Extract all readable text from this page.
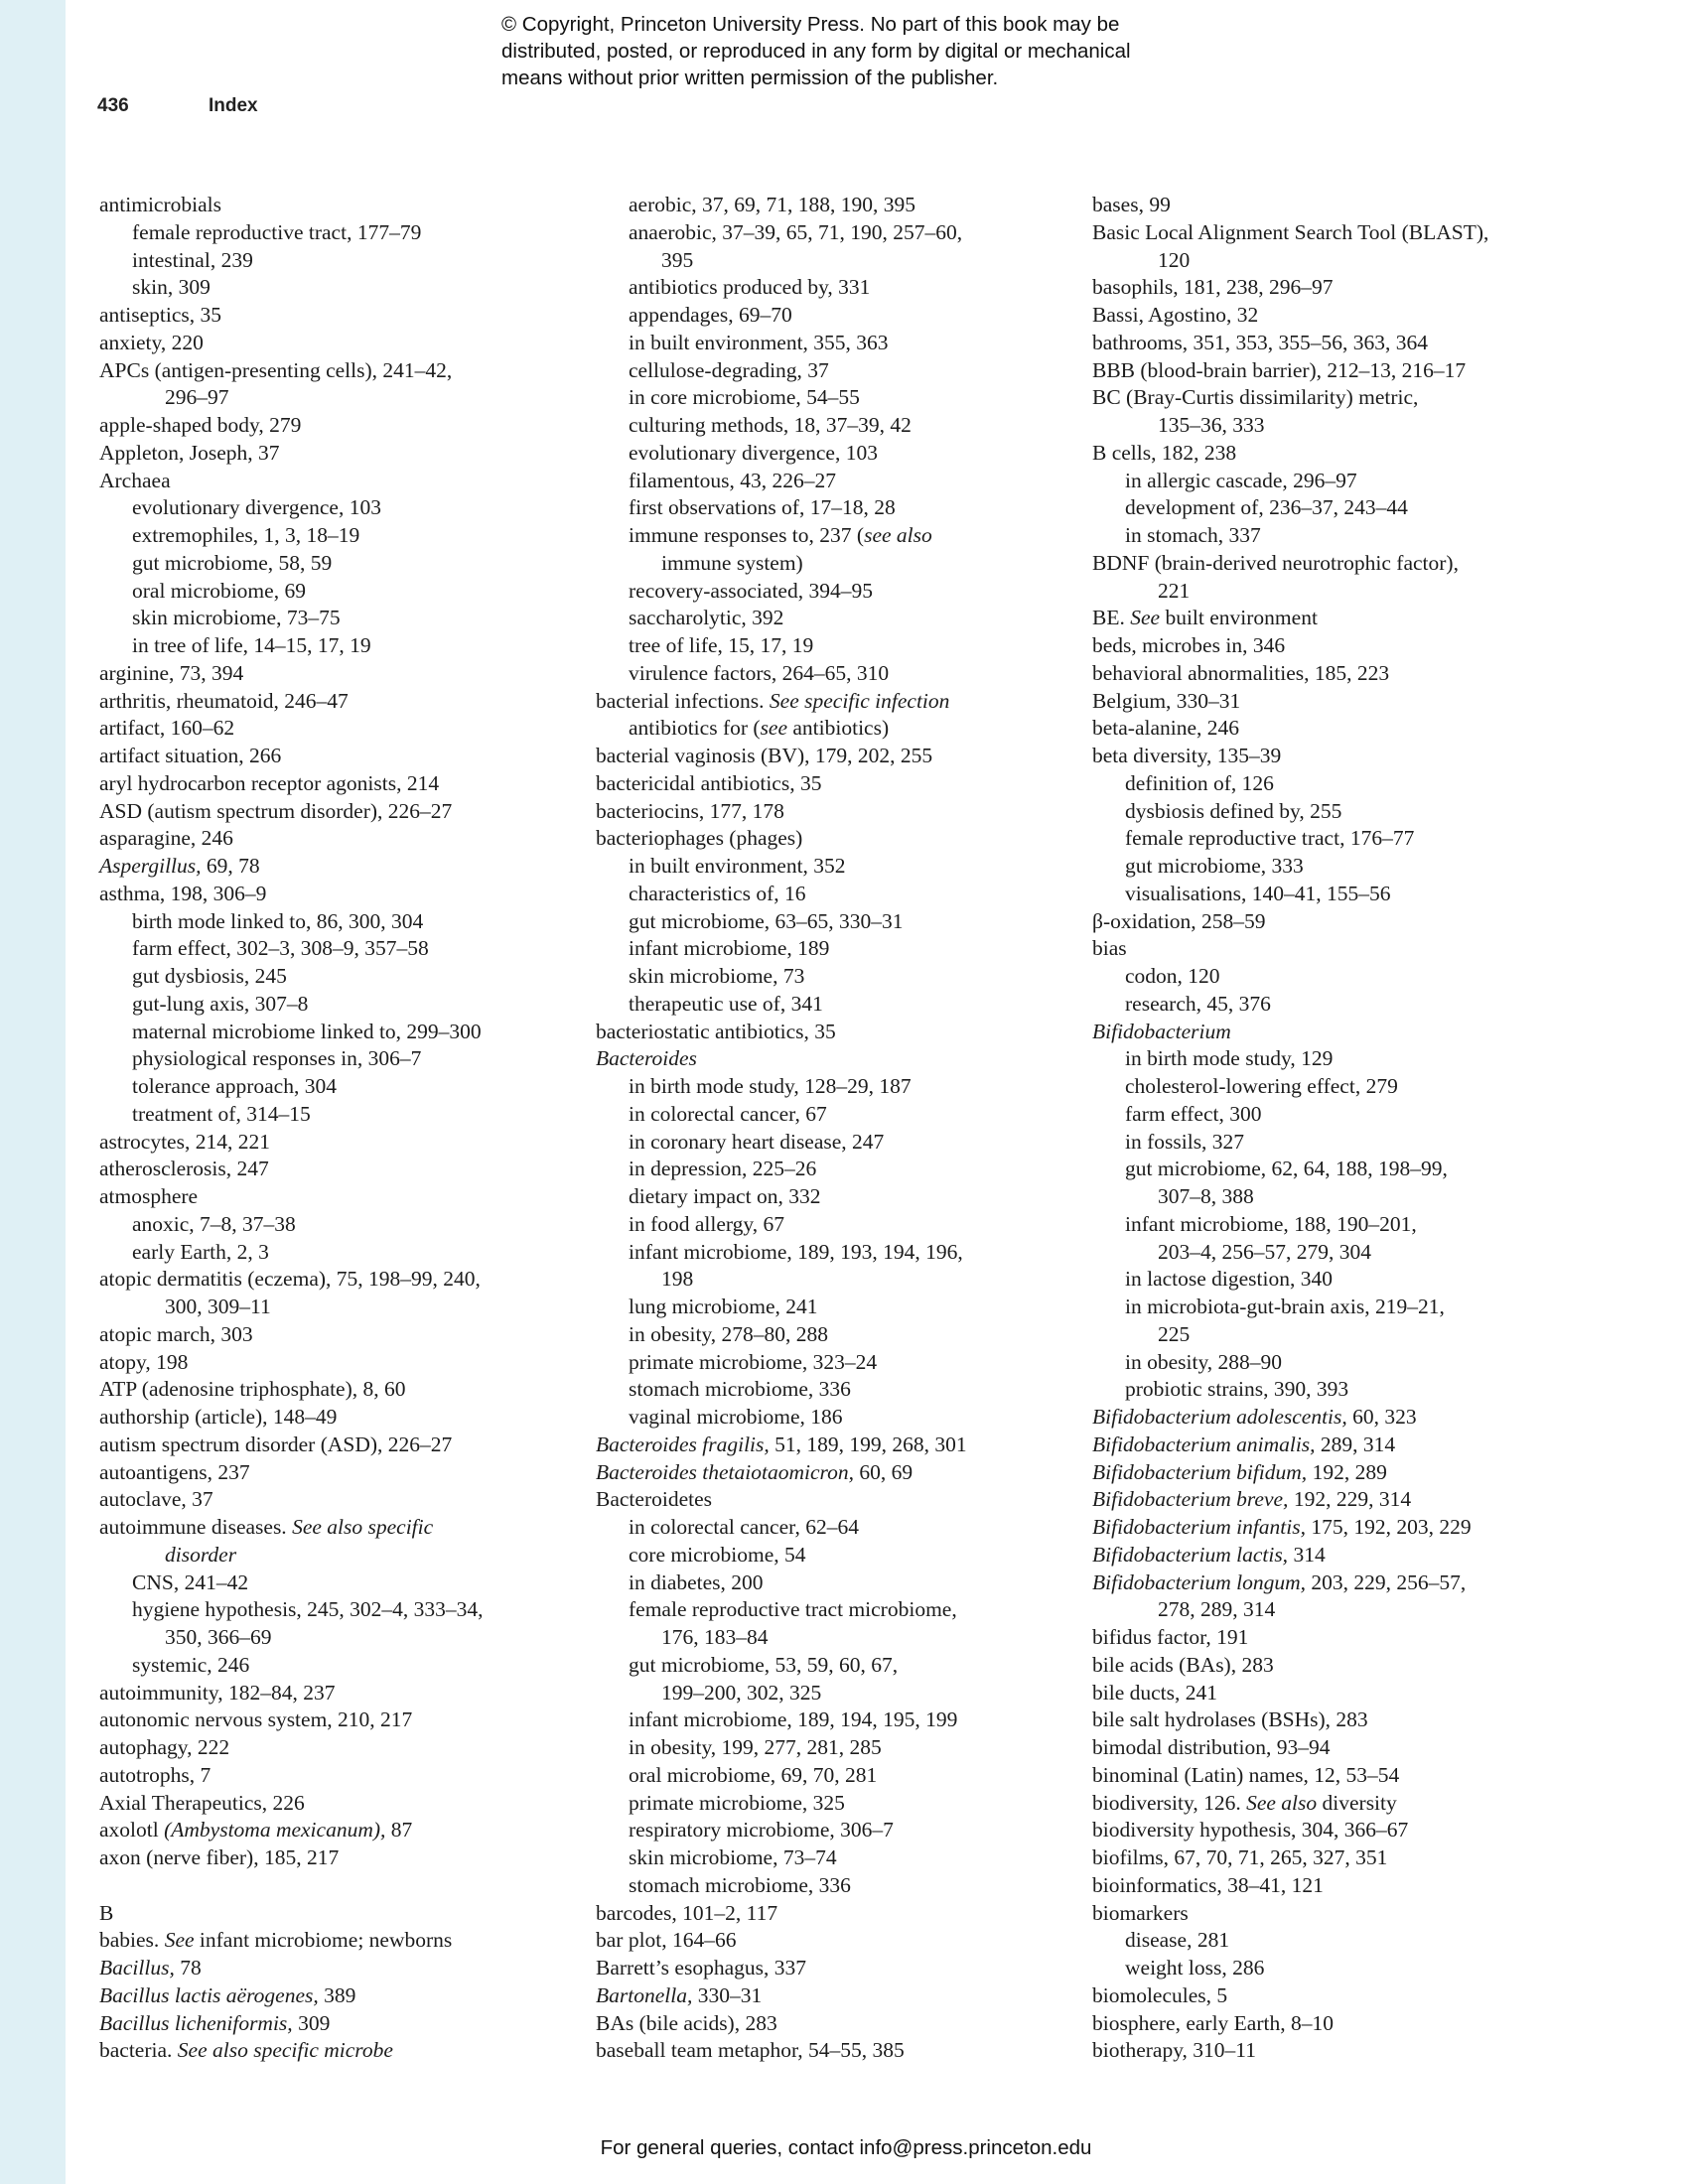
© Copyright, Princeton University Press. No part of this book may be
distributed, posted, or reproduced in any form by digital or mechanical
means without prior written permission of the publisher.
436	Index
antimicrobials
female reproductive tract, 177–79
intestinal, 239
skin, 309
antiseptics, 35
anxiety, 220
APCs (antigen-presenting cells), 241–42,
296–97
apple-shaped body, 279
Appleton, Joseph, 37
Archaea
evolutionary divergence, 103
extremophiles, 1, 3, 18–19
gut microbiome, 58, 59
oral microbiome, 69
skin microbiome, 73–75
in tree of life, 14–15, 17, 19
arginine, 73, 394
arthritis, rheumatoid, 246–47
artifact, 160–62
artifact situation, 266
aryl hydrocarbon receptor agonists, 214
ASD (autism spectrum disorder), 226–27
asparagine, 246
Aspergillus, 69, 78
asthma, 198, 306–9
birth mode linked to, 86, 300, 304
farm effect, 302–3, 308–9, 357–58
gut dysbiosis, 245
gut-lung axis, 307–8
maternal microbiome linked to, 299–300
physiological responses in, 306–7
tolerance approach, 304
treatment of, 314–15
astrocytes, 214, 221
atherosclerosis, 247
atmosphere
anoxic, 7–8, 37–38
early Earth, 2, 3
atopic dermatitis (eczema), 75, 198–99, 240,
300, 309–11
atopic march, 303
atopy, 198
ATP (adenosine triphosphate), 8, 60
authorship (article), 148–49
autism spectrum disorder (ASD), 226–27
autoantigens, 237
autoclave, 37
autoimmune diseases. See also specific
disorder
CNS, 241–42
hygiene hypothesis, 245, 302–4, 333–34,
350, 366–69
systemic, 246
autoimmunity, 182–84, 237
autonomic nervous system, 210, 217
autophagy, 222
autotrophs, 7
Axial Therapeutics, 226
axolotl (Ambystoma mexicanum), 87
axon (nerve fiber), 185, 217
B
babies. See infant microbiome; newborns
Bacillus, 78
Bacillus lactis aërogenes, 389
Bacillus licheniformis, 309
bacteria. See also specific microbe
aerobic, 37, 69, 71, 188, 190, 395
anaerobic, 37–39, 65, 71, 190, 257–60,
395
antibiotics produced by, 331
appendages, 69–70
in built environment, 355, 363
cellulose-degrading, 37
in core microbiome, 54–55
culturing methods, 18, 37–39, 42
evolutionary divergence, 103
filamentous, 43, 226–27
first observations of, 17–18, 28
immune responses to, 237 (see also
immune system)
recovery-associated, 394–95
saccharolytic, 392
tree of life, 15, 17, 19
virulence factors, 264–65, 310
bacterial infections. See specific infection
antibiotics for (see antibiotics)
bacterial vaginosis (BV), 179, 202, 255
bactericidal antibiotics, 35
bacteriocins, 177, 178
bacteriophages (phages)
in built environment, 352
characteristics of, 16
gut microbiome, 63–65, 330–31
infant microbiome, 189
skin microbiome, 73
therapeutic use of, 341
bacteriostatic antibiotics, 35
Bacteroides
in birth mode study, 128–29, 187
in colorectal cancer, 67
in coronary heart disease, 247
in depression, 225–26
dietary impact on, 332
in food allergy, 67
infant microbiome, 189, 193, 194, 196,
198
lung microbiome, 241
in obesity, 278–80, 288
primate microbiome, 323–24
stomach microbiome, 336
vaginal microbiome, 186
Bacteroides fragilis, 51, 189, 199, 268, 301
Bacteroides thetaiotaomicron, 60, 69
Bacteroidetes
in colorectal cancer, 62–64
core microbiome, 54
in diabetes, 200
female reproductive tract microbiome,
176, 183–84
gut microbiome, 53, 59, 60, 67,
199–200, 302, 325
infant microbiome, 189, 194, 195, 199
in obesity, 199, 277, 281, 285
oral microbiome, 69, 70, 281
primate microbiome, 325
respiratory microbiome, 306–7
skin microbiome, 73–74
stomach microbiome, 336
barcodes, 101–2, 117
bar plot, 164–66
Barrett’s esophagus, 337
Bartonella, 330–31
BAs (bile acids), 283
baseball team metaphor, 54–55, 385
bases, 99
Basic Local Alignment Search Tool (BLAST),
120
basophils, 181, 238, 296–97
Bassi, Agostino, 32
bathrooms, 351, 353, 355–56, 363, 364
BBB (blood-brain barrier), 212–13, 216–17
BC (Bray-Curtis dissimilarity) metric,
135–36, 333
B cells, 182, 238
in allergic cascade, 296–97
development of, 236–37, 243–44
in stomach, 337
BDNF (brain-derived neurotrophic factor),
221
BE. See built environment
beds, microbes in, 346
behavioral abnormalities, 185, 223
Belgium, 330–31
beta-alanine, 246
beta diversity, 135–39
definition of, 126
dysbiosis defined by, 255
female reproductive tract, 176–77
gut microbiome, 333
visualisations, 140–41, 155–56
β-oxidation, 258–59
bias
codon, 120
research, 45, 376
Bifidobacterium
in birth mode study, 129
cholesterol-lowering effect, 279
farm effect, 300
in fossils, 327
gut microbiome, 62, 64, 188, 198–99,
307–8, 388
infant microbiome, 188, 190–201,
203–4, 256–57, 279, 304
in lactose digestion, 340
in microbiota-gut-brain axis, 219–21,
225
in obesity, 288–90
probiotic strains, 390, 393
Bifidobacterium adolescentis, 60, 323
Bifidobacterium animalis, 289, 314
Bifidobacterium bifidum, 192, 289
Bifidobacterium breve, 192, 229, 314
Bifidobacterium infantis, 175, 192, 203, 229
Bifidobacterium lactis, 314
Bifidobacterium longum, 203, 229, 256–57,
278, 289, 314
bifidus factor, 191
bile acids (BAs), 283
bile ducts, 241
bile salt hydrolases (BSHs), 283
bimodal distribution, 93–94
binominal (Latin) names, 12, 53–54
biodiversity, 126. See also diversity
biodiversity hypothesis, 304, 366–67
biofilms, 67, 70, 71, 265, 327, 351
bioinformatics, 38–41, 121
biomarkers
disease, 281
weight loss, 286
biomolecules, 5
biosphere, early Earth, 8–10
biotherapy, 310–11
For general queries, contact info@press.princeton.edu
